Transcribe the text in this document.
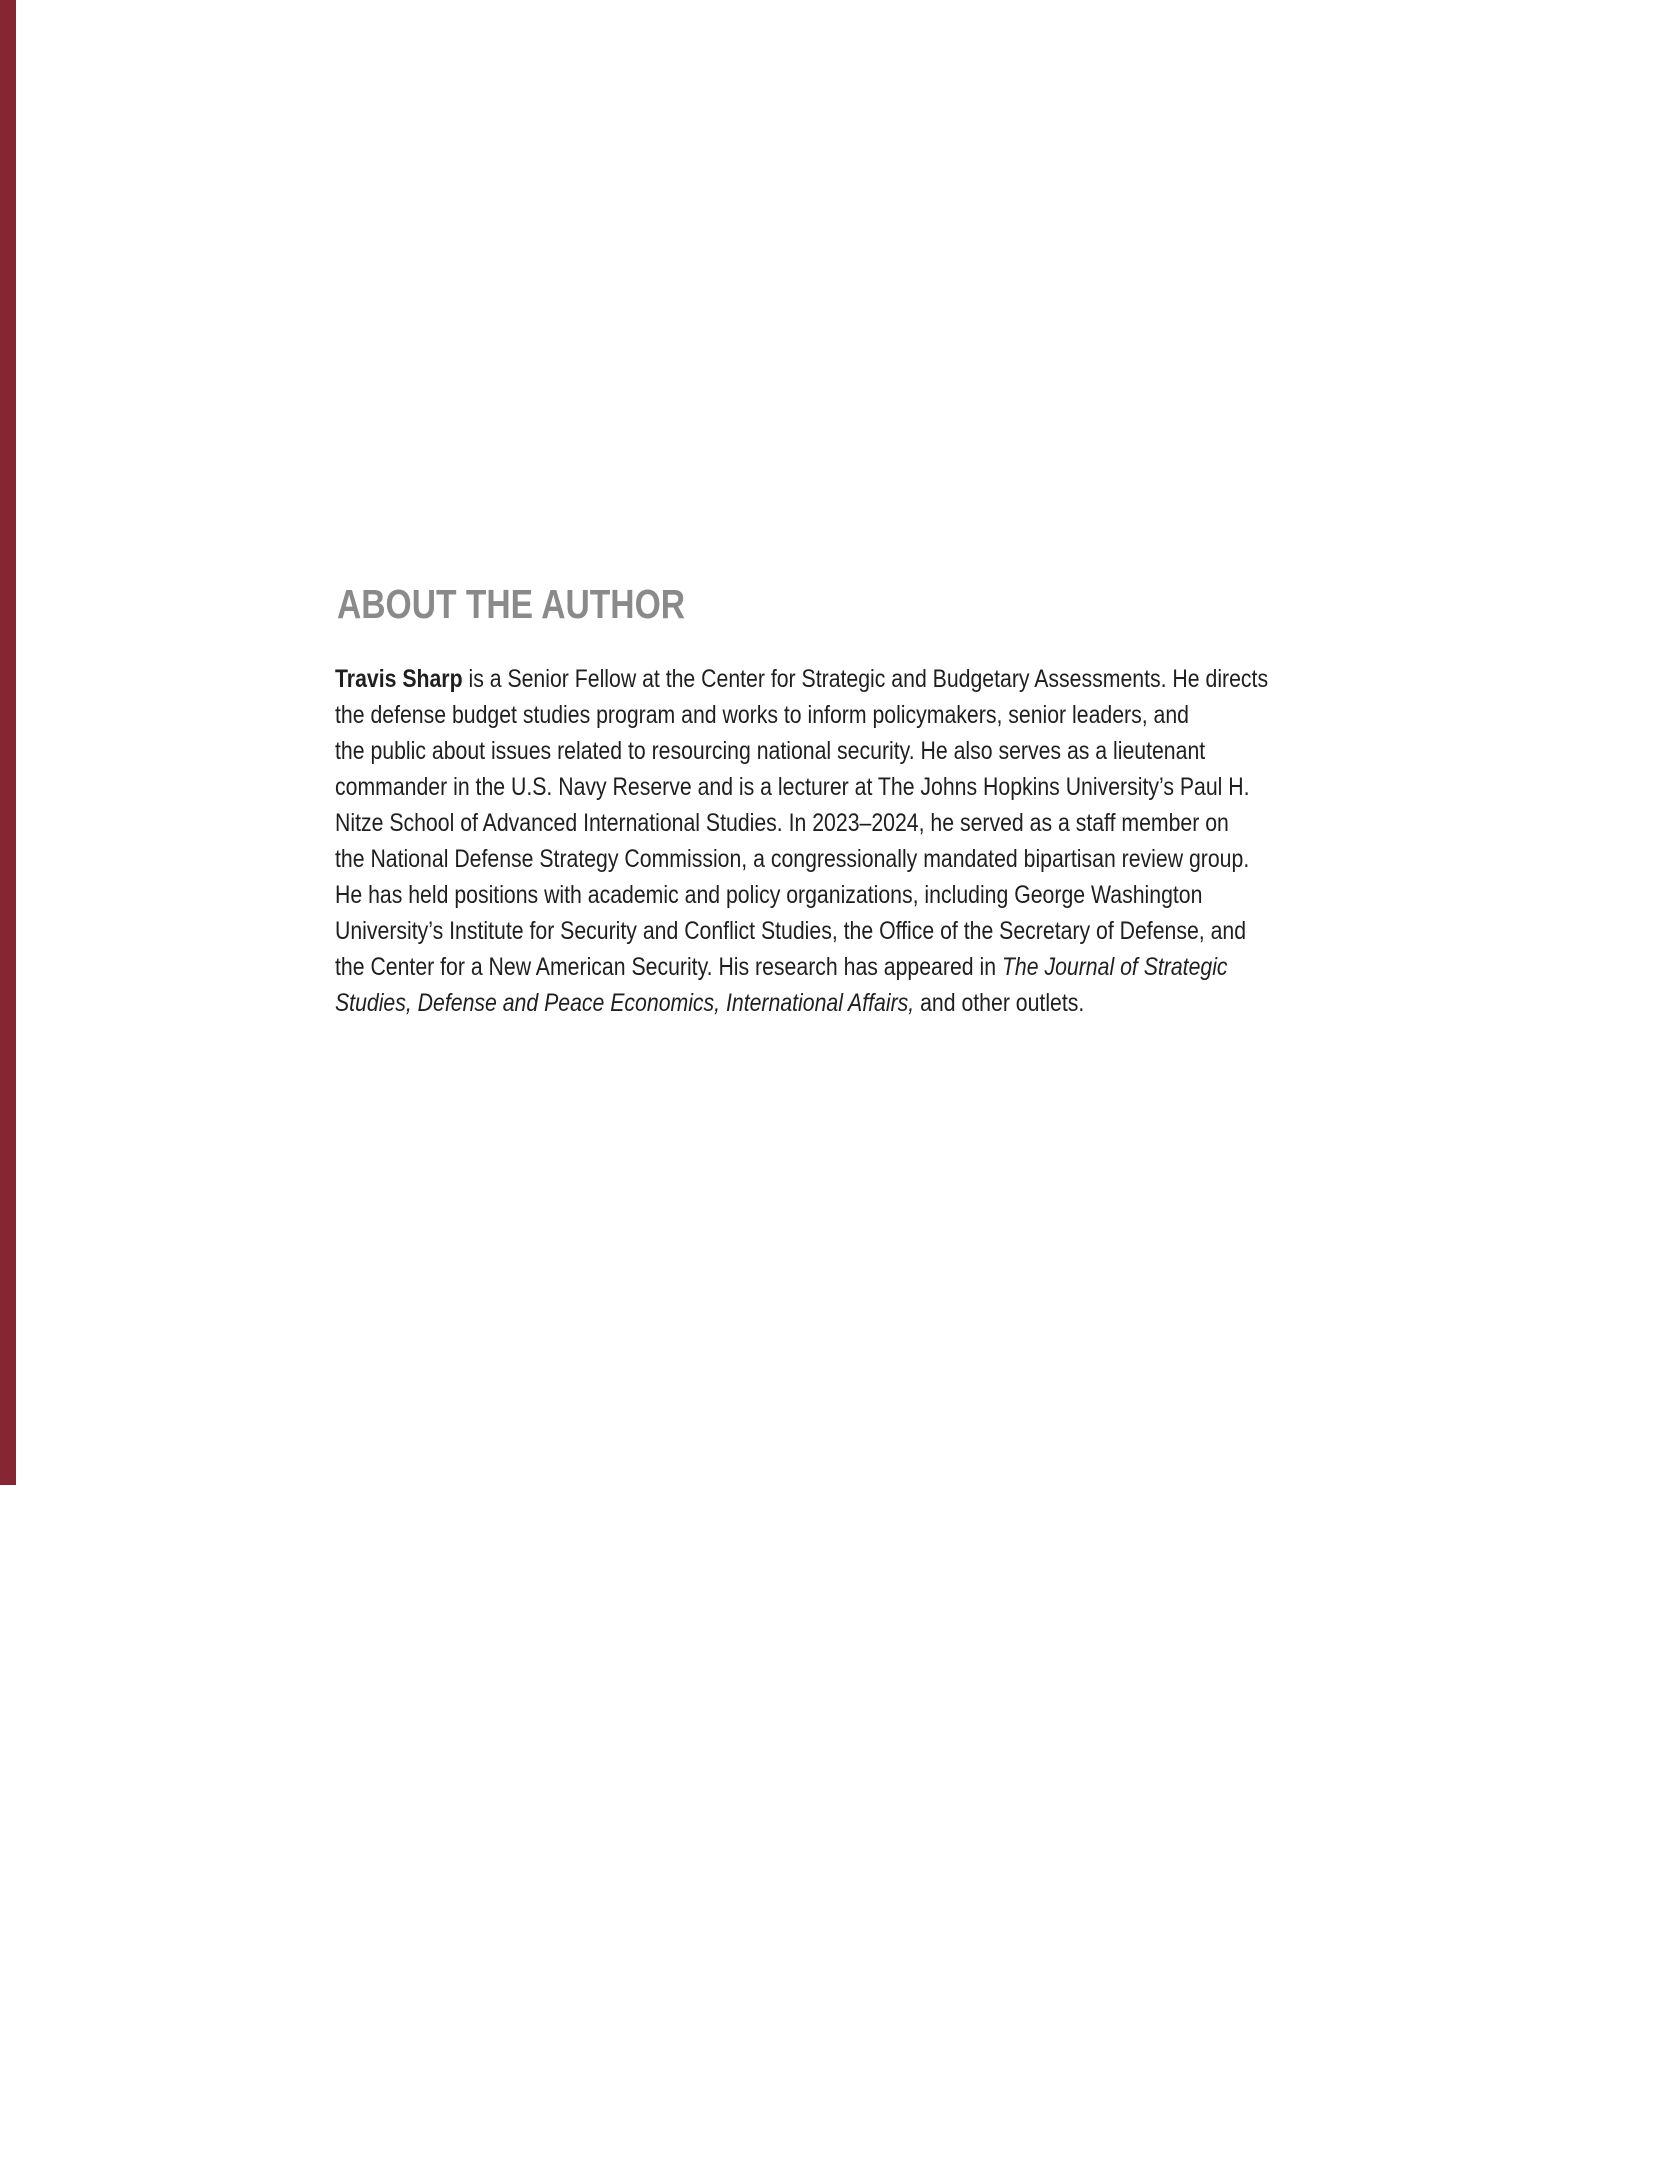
ABOUT THE AUTHOR
Travis Sharp is a Senior Fellow at the Center for Strategic and Budgetary Assessments. He directs
the defense budget studies program and works to inform policymakers, senior leaders, and
the public about issues related to resourcing national security. He also serves as a lieutenant
commander in the U.S. Navy Reserve and is a lecturer at The Johns Hopkins University’s Paul H.
Nitze School of Advanced International Studies. In 2023–2024, he served as a staff member on
the National Defense Strategy Commission, a congressionally mandated bipartisan review group.
He has held positions with academic and policy organizations, including George Washington
University’s Institute for Security and Conflict Studies, the Office of the Secretary of Defense, and
the Center for a New American Security. His research has appeared in The Journal of Strategic
Studies, Defense and Peace Economics, International Affairs, and other outlets.
